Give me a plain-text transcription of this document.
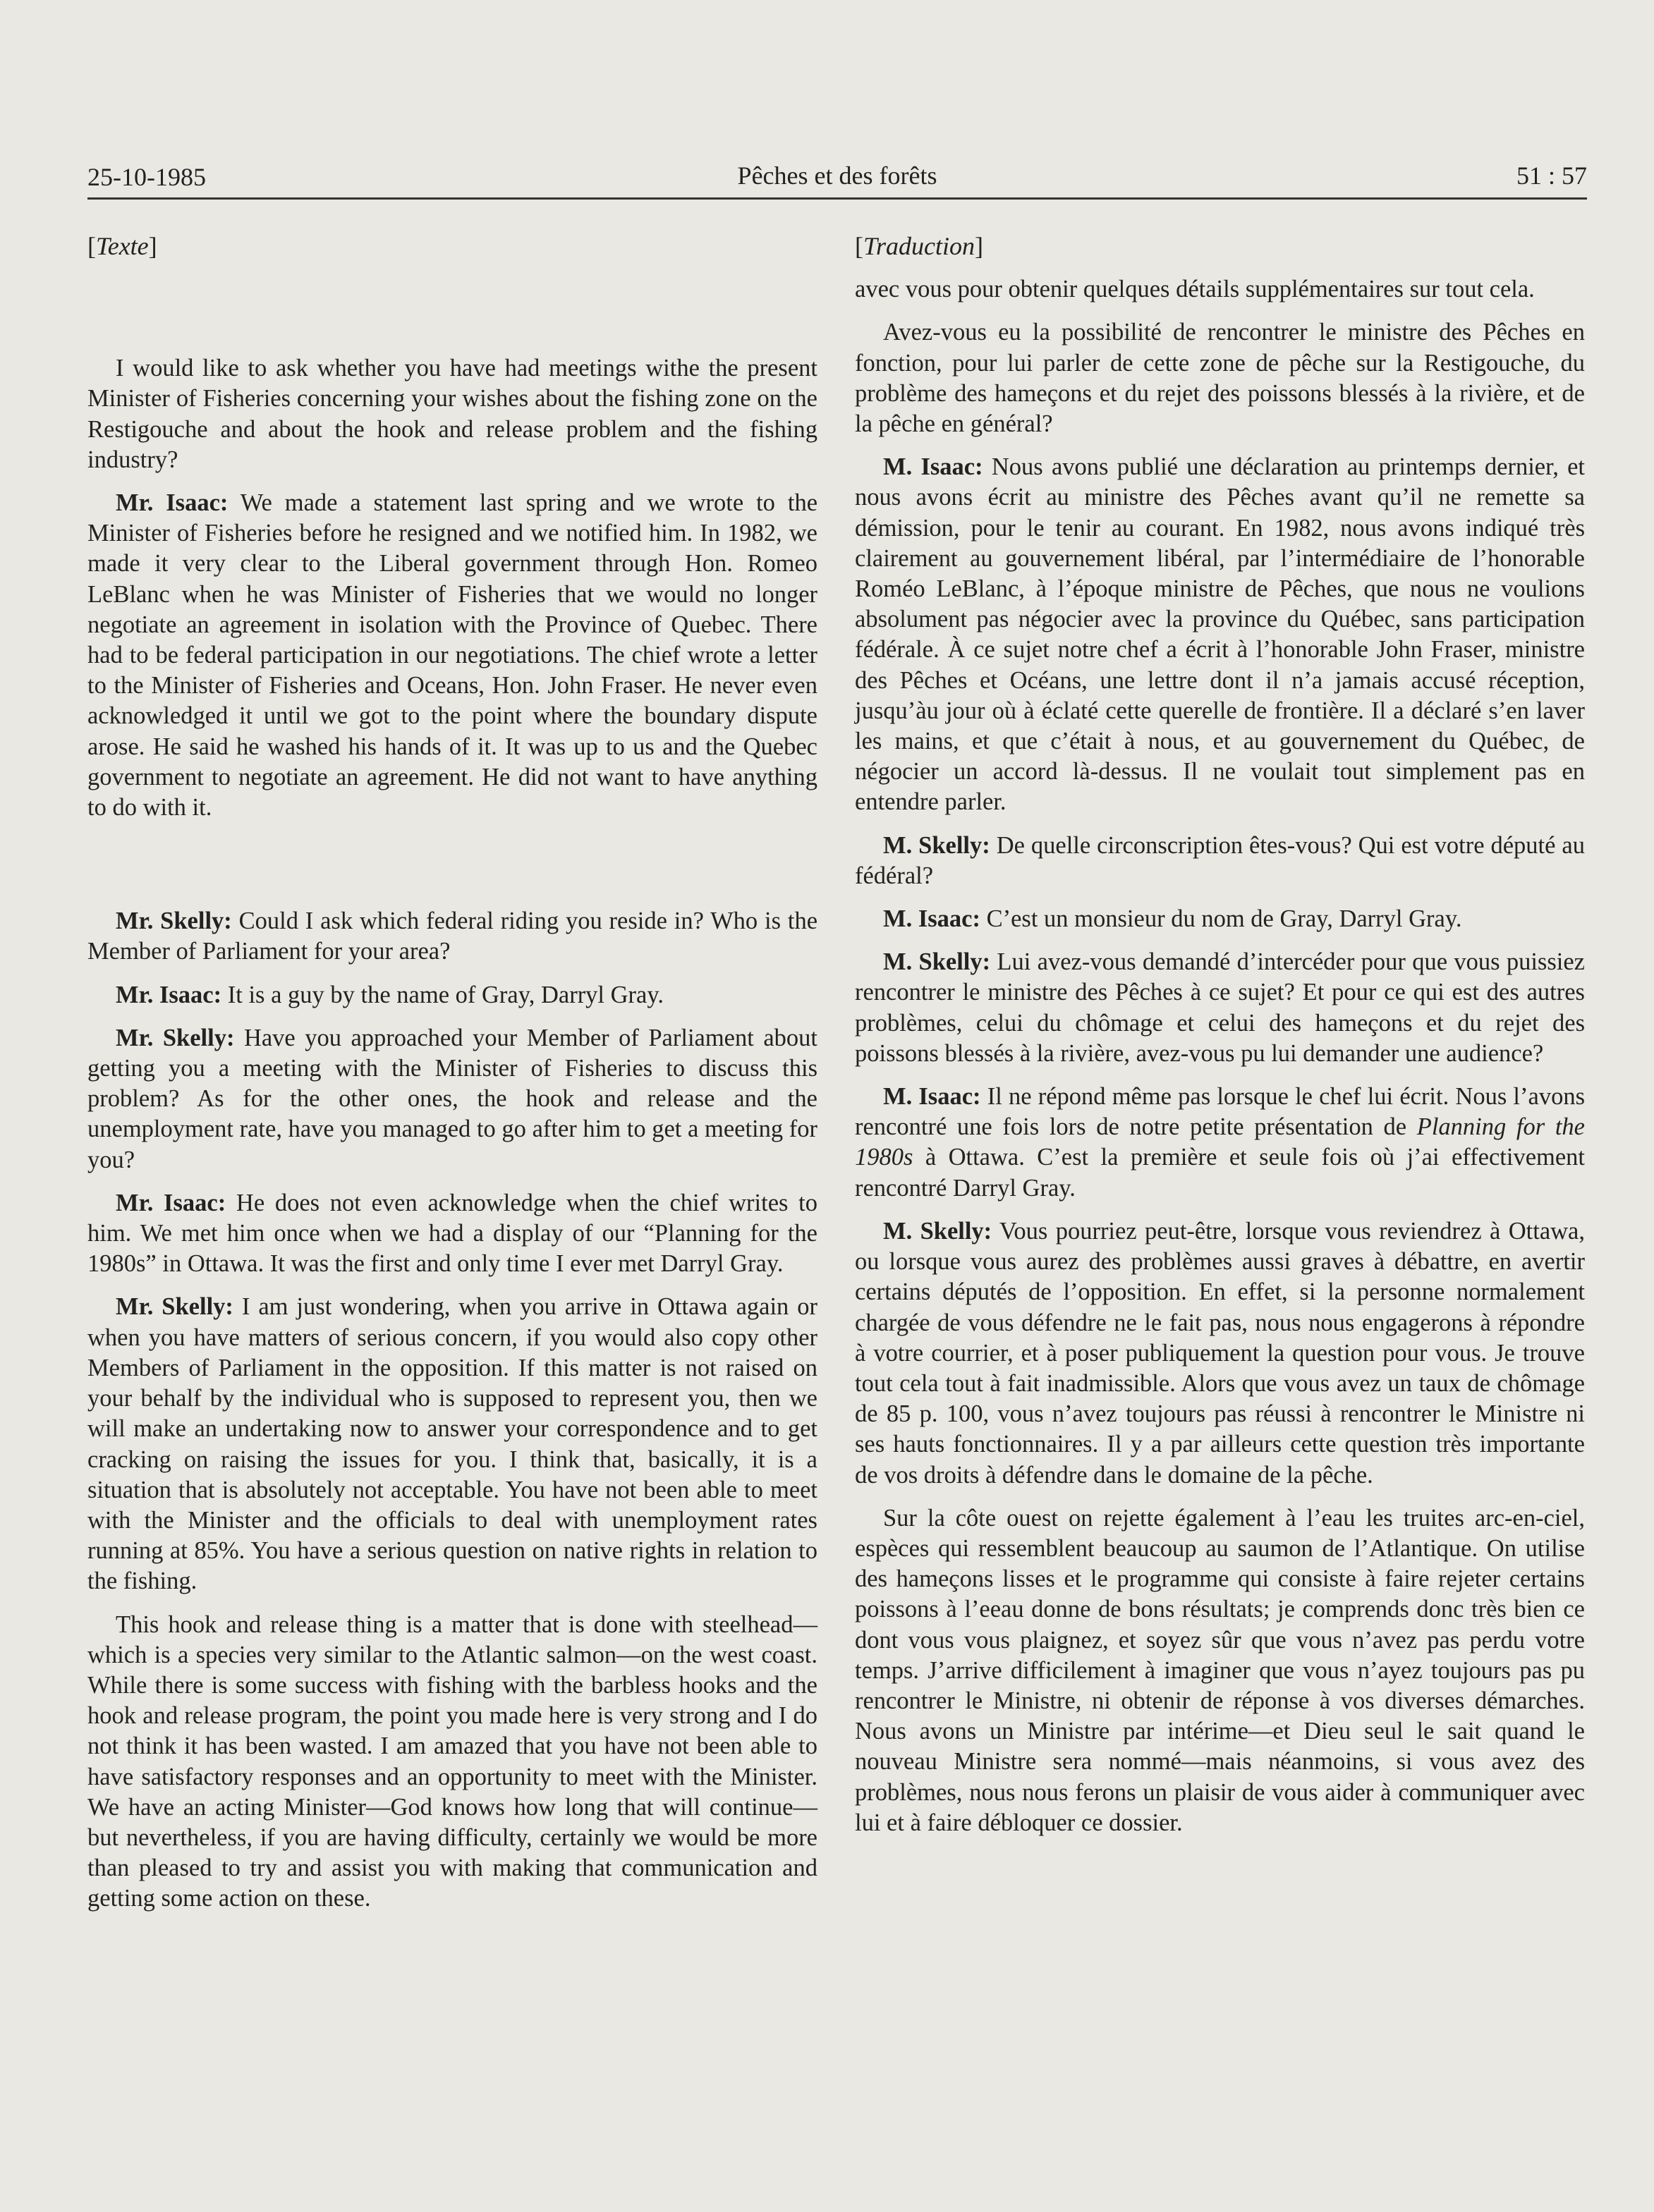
25-10-1985	Pêches et des forêts	51 : 57

[Texte]

I would like to ask whether you have had meetings withe the present Minister of Fisheries concerning your wishes about the fishing zone on the Restigouche and about the hook and release problem and the fishing industry?

Mr. Isaac: We made a statement last spring and we wrote to the Minister of Fisheries before he resigned and we notified him. In 1982, we made it very clear to the Liberal government through Hon. Romeo LeBlanc when he was Minister of Fisheries that we would no longer negotiate an agreement in isolation with the Province of Quebec. There had to be federal participation in our negotiations. The chief wrote a letter to the Minister of Fisheries and Oceans, Hon. John Fraser. He never even acknowledged it until we got to the point where the boundary dispute arose. He said he washed his hands of it. It was up to us and the Quebec government to negotiate an agreement. He did not want to have anything to do with it.

Mr. Skelly: Could I ask which federal riding you reside in? Who is the Member of Parliament for your area?

Mr. Isaac: It is a guy by the name of Gray, Darryl Gray.

Mr. Skelly: Have you approached your Member of Parliament about getting you a meeting with the Minister of Fisheries to discuss this problem? As for the other ones, the hook and release and the unemployment rate, have you managed to go after him to get a meeting for you?

Mr. Isaac: He does not even acknowledge when the chief writes to him. We met him once when we had a display of our “Planning for the 1980s” in Ottawa. It was the first and only time I ever met Darryl Gray.

Mr. Skelly: I am just wondering, when you arrive in Ottawa again or when you have matters of serious concern, if you would also copy other Members of Parliament in the opposition. If this matter is not raised on your behalf by the individual who is supposed to represent you, then we will make an undertaking now to answer your correspondence and to get cracking on raising the issues for you. I think that, basically, it is a situation that is absolutely not acceptable. You have not been able to meet with the Minister and the officials to deal with unemployment rates running at 85%. You have a serious question on native rights in relation to the fishing.

This hook and release thing is a matter that is done with steelhead—which is a species very similar to the Atlantic salmon—on the west coast. While there is some success with fishing with the barbless hooks and the hook and release program, the point you made here is very strong and I do not think it has been wasted. I am amazed that you have not been able to have satisfactory responses and an opportunity to meet with the Minister. We have an acting Minister—God knows how long that will continue—but nevertheless, if you are having difficulty, certainly we would be more than pleased to try and assist you with making that communication and getting some action on these.

[Traduction]

avec vous pour obtenir quelques détails supplémentaires sur tout cela.

Avez-vous eu la possibilité de rencontrer le ministre des Pêches en fonction, pour lui parler de cette zone de pêche sur la Restigouche, du problème des hameçons et du rejet des poissons blessés à la rivière, et de la pêche en général?

M. Isaac: Nous avons publié une déclaration au printemps dernier, et nous avons écrit au ministre des Pêches avant qu’il ne remette sa démission, pour le tenir au courant. En 1982, nous avons indiqué très clairement au gouvernement libéral, par l’intermédiaire de l’honorable Roméo LeBlanc, à l’époque ministre de Pêches, que nous ne voulions absolument pas négocier avec la province du Québec, sans participation fédérale. À ce sujet notre chef a écrit à l’honorable John Fraser, ministre des Pêches et Océans, une lettre dont il n’a jamais accusé réception, jusqu’àu jour où à éclaté cette querelle de frontière. Il a déclaré s’en laver les mains, et que c’était à nous, et au gouvernement du Québec, de négocier un accord là-dessus. Il ne voulait tout simplement pas en entendre parler.

M. Skelly: De quelle circonscription êtes-vous? Qui est votre député au fédéral?

M. Isaac: C’est un monsieur du nom de Gray, Darryl Gray.

M. Skelly: Lui avez-vous demandé d’intercéder pour que vous puissiez rencontrer le ministre des Pêches à ce sujet? Et pour ce qui est des autres problèmes, celui du chômage et celui des hameçons et du rejet des poissons blessés à la rivière, avez-vous pu lui demander une audience?

M. Isaac: Il ne répond même pas lorsque le chef lui écrit. Nous l’avons rencontré une fois lors de notre petite présentation de Planning for the 1980s à Ottawa. C’est la première et seule fois où j’ai effectivement rencontré Darryl Gray.

M. Skelly: Vous pourriez peut-être, lorsque vous reviendrez à Ottawa, ou lorsque vous aurez des problèmes aussi graves à débattre, en avertir certains députés de l’opposition. En effet, si la personne normalement chargée de vous défendre ne le fait pas, nous nous engagerons à répondre à votre courrier, et à poser publiquement la question pour vous. Je trouve tout cela tout à fait inadmissible. Alors que vous avez un taux de chômage de 85 p. 100, vous n’avez toujours pas réussi à rencontrer le Ministre ni ses hauts fonctionnaires. Il y a par ailleurs cette question très importante de vos droits à défendre dans le domaine de la pêche.

Sur la côte ouest on rejette également à l’eau les truites arc-en-ciel, espèces qui ressemblent beaucoup au saumon de l’Atlantique. On utilise des hameçons lisses et le programme qui consiste à faire rejeter certains poissons à l’eeau donne de bons résultats; je comprends donc très bien ce dont vous vous plaignez, et soyez sûr que vous n’avez pas perdu votre temps. J’arrive difficilement à imaginer que vous n’ayez toujours pas pu rencontrer le Ministre, ni obtenir de réponse à vos diverses démarches. Nous avons un Ministre par intérime—et Dieu seul le sait quand le nouveau Ministre sera nommé—mais néanmoins, si vous avez des problèmes, nous nous ferons un plaisir de vous aider à communiquer avec lui et à faire débloquer ce dossier.
